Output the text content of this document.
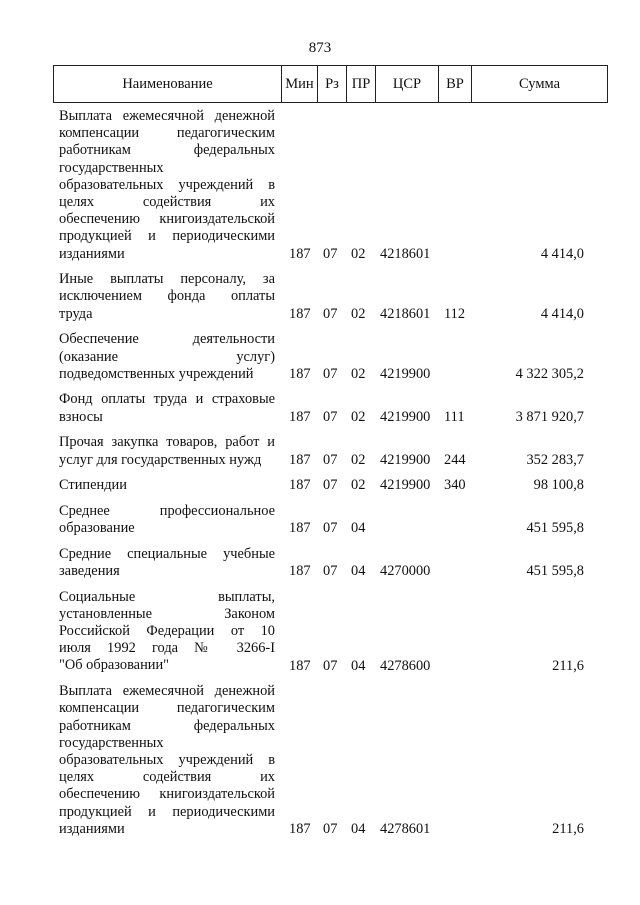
873
Наименование	Мин Рз ПР	ЦСР	ВР	Сумма
Выплата ежемесячной денежной
компенсации педагогическим
работникам федеральных
государственных
образовательных учреждений в
целях содействия их
обеспечению книгоиздательской
продукцией и периодическими
изданиями	187 07 02 4218601	4 414,0
Иные выплаты персоналу, за
исключением фонда оплаты
труда	187 07 02 4218601 112	4 414,0
Обеспечение деятельности
(оказание услуг)
подведомственных учреждений	187 07 02 4219900	4 322 305,2
Фонд оплаты труда и страховые
взносы	187 07 02 4219900 111	3 871 920,7
Прочая закупка товаров, работ и
услуг для государственных нужд	187 07 02 4219900 244	352 283,7
Стипендии	187 07 02 4219900 340	98 100,8
Среднее профессиональное
образование	187 07 04	451 595,8
Средние специальные учебные
заведения	187 07 04 4270000	451 595,8
Социальные выплаты,
установленные Законом
Российской Федерации от 10
июля 1992 года № 3266-I
"Об образовании"	187 07 04 4278600	211,6
Выплата ежемесячной денежной
компенсации педагогическим
работникам федеральных
государственных
образовательных учреждений в
целях содействия их
обеспечению книгоиздательской
продукцией и периодическими
изданиями	187 07 04 4278601	211,6
